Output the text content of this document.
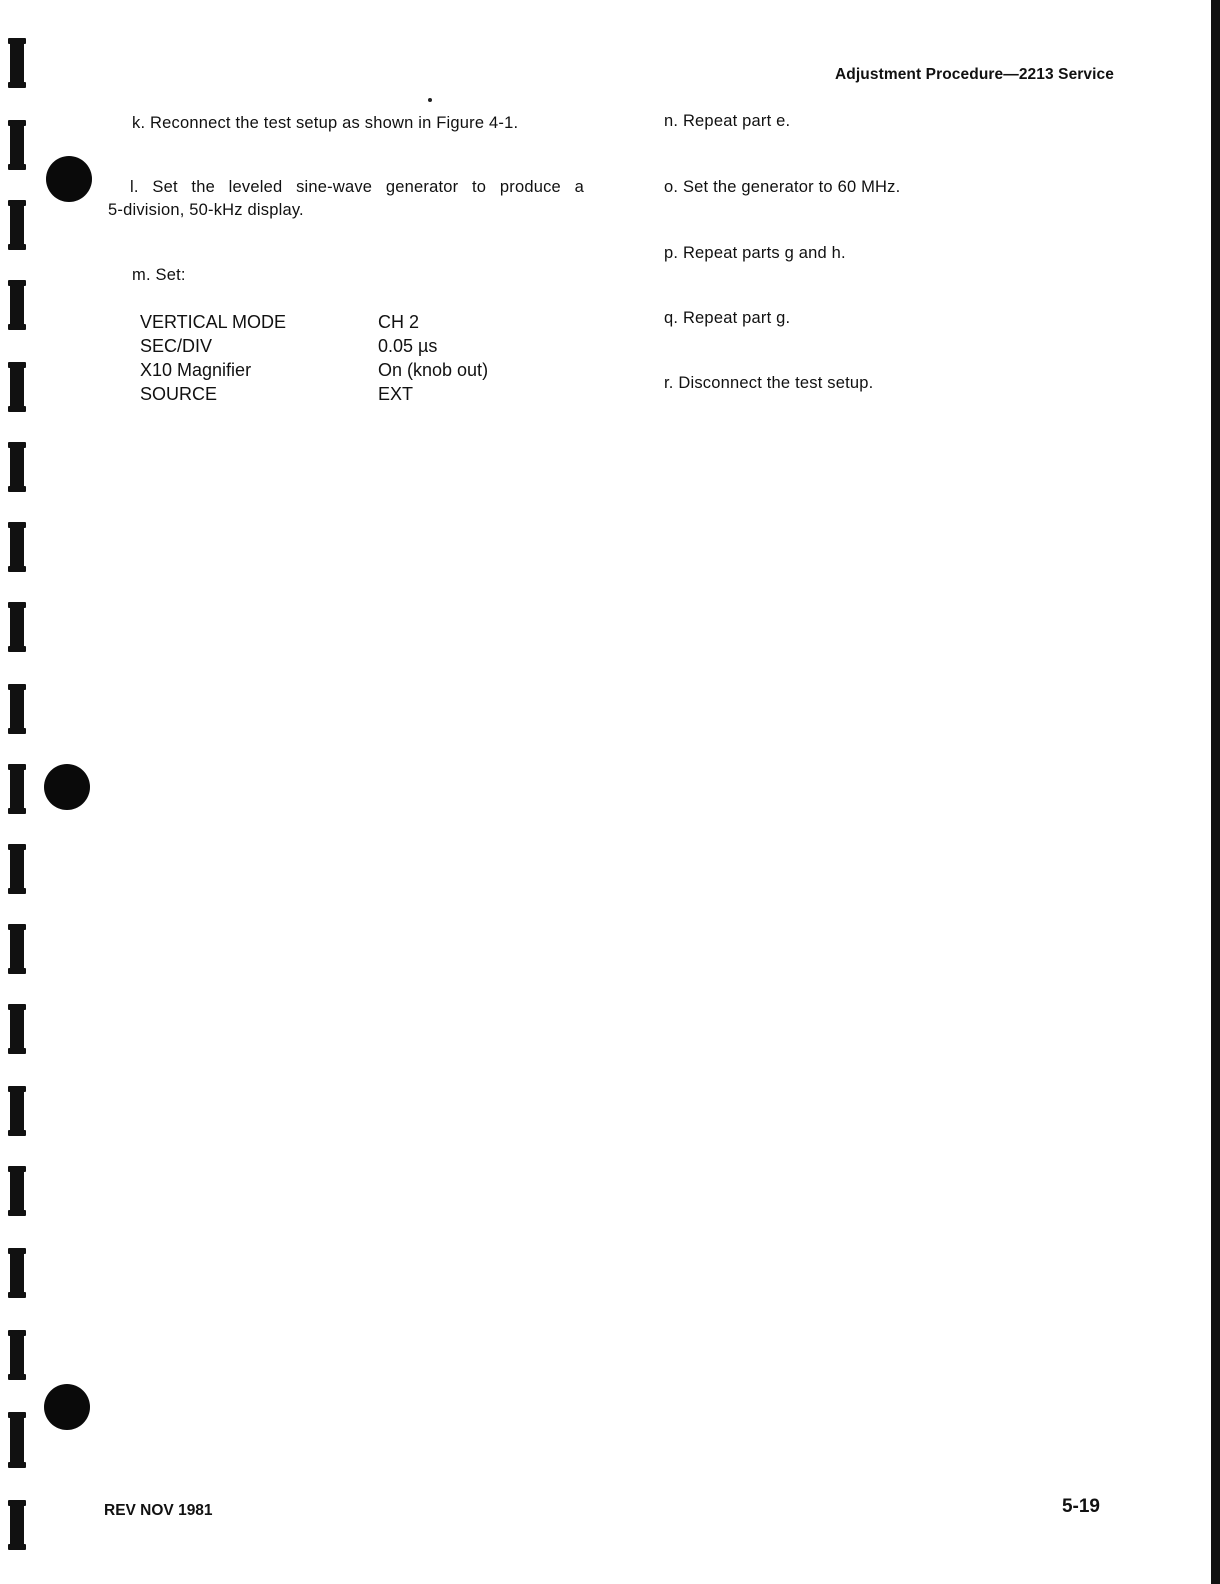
Adjustment Procedure—2213 Service
k. Reconnect the test setup as shown in Figure 4-1.
l. Set the leveled sine-wave generator to produce a
5-division, 50-kHz display.
m. Set:
VERTICAL MODE	CH 2
SEC/DIV	0.05 µs
X10 Magnifier	On (knob out)
SOURCE	EXT
n. Repeat part e.
o. Set the generator to 60 MHz.
p. Repeat parts g and h.
q. Repeat part g.
r. Disconnect the test setup.
REV NOV 1981	5-19
